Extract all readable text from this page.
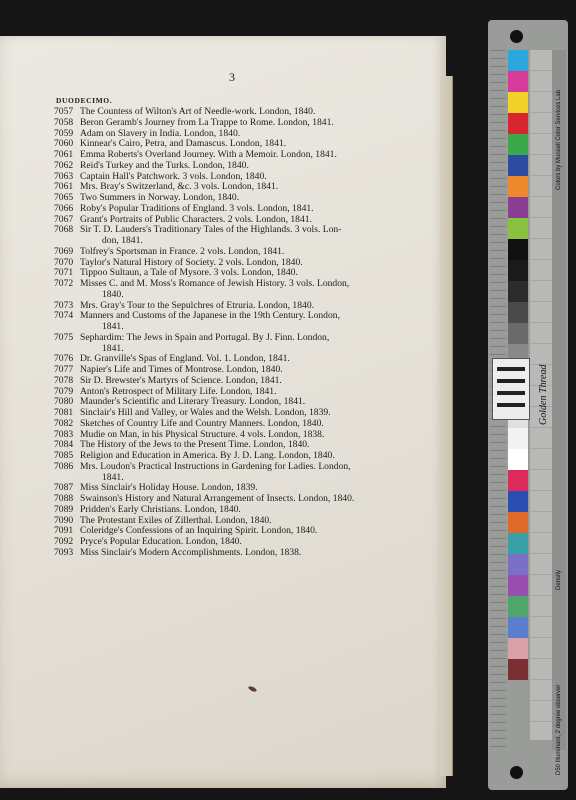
3
DUODECIMO.
7057 The Countess of Wilton's Art of Needle-work. London, 1840.
7058 Beron Geramb's Journey from La Trappe to Rome. London, 1841.
7059 Adam on Slavery in India. London, 1840.
7060 Kinnear's Cairo, Petra, and Damascus. London, 1841.
7061 Emma Roberts's Overland Journey. With a Memoir. London, 1841.
7062 Reid's Turkey and the Turks. London, 1840.
7063 Captain Hall's Patchwork. 3 vols. London, 1840.
7061 Mrs. Bray's Switzerland, &c. 3 vols. London, 1841.
7065 Two Summers in Norway. London, 1840.
7066 Roby's Popular Traditions of England. 3 vols. London, 1841.
7067 Grant's Portraits of Public Characters. 2 vols. London, 1841.
7068 Sir T. D. Lauders's Traditionary Tales of the Highlands. 3 vols. Lon-
don, 1841.
7069 Tolfrey's Sportsman in France. 2 vols. London, 1841.
7070 Taylor's Natural History of Society. 2 vols. London, 1840.
7071 Tippoo Sultaun, a Tale of Mysore. 3 vols. London, 1840.
7072 Misses C. and M. Moss's Romance of Jewish History. 3 vols. London,
1840.
7073 Mrs. Gray's Tour to the Sepulchres of Etruria. London, 1840.
7074 Manners and Customs of the Japanese in the 19th Century. London,
1841.
7075 Sephardim: The Jews in Spain and Portugal. By J. Finn. London,
1841.
7076 Dr. Granville's Spas of England. Vol. 1. London, 1841.
7077 Napier's Life and Times of Montrose. London, 1840.
7078 Sir D. Brewster's Martyrs of Science. London, 1841.
7079 Anton's Retrospect of Military Life. London, 1841.
7080 Maunder's Scientific and Literary Treasury. London, 1841.
7081 Sinclair's Hill and Valley, or Wales and the Welsh. London, 1839.
7082 Sketches of Country Life and Country Manners. London, 1840.
7083 Mudie on Man, in his Physical Structure. 4 vols. London, 1838.
7084 The History of the Jews to the Present Time. London, 1840.
7085 Religion and Education in America. By J. D. Lang. London, 1840.
7086 Mrs. Loudon's Practical Instructions in Gardening for Ladies. London,
1841.
7087 Miss Sinclair's Holiday House. London, 1839.
7088 Swainson's History and Natural Arrangement of Insects. London, 1840.
7089 Pridden's Early Christians. London, 1840.
7090 The Protestant Exiles of Zillerthal. London, 1840.
7091 Coleridge's Confessions of an Inquiring Spirit. London, 1840.
7092 Pryce's Popular Education. London, 1840.
7093 Miss Sinclair's Modern Accomplishments. London, 1838.
Colors by Munsell Color Services Lab
Density
D50 Illuminant, 2 degree observer
Golden Thread
